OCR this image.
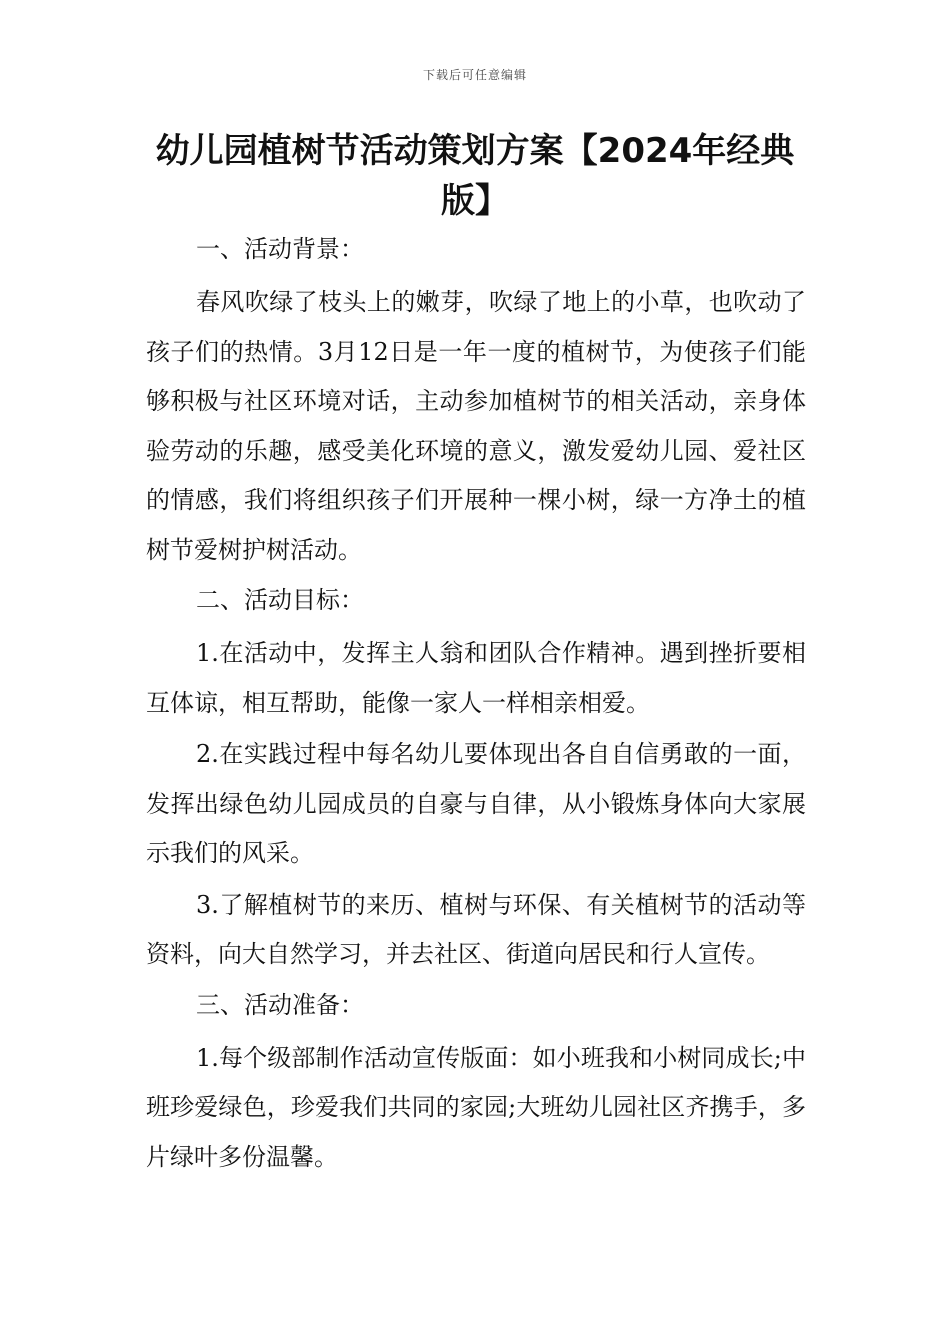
下载后可任意编辑
幼儿园植树节活动策划方案【2024年经典版】

一、活动背景：

春风吹绿了枝头上的嫩芽，吹绿了地上的小草，也吹动了孩子们的热情。3月12日是一年一度的植树节，为使孩子们能够积极与社区环境对话，主动参加植树节的相关活动，亲身体验劳动的乐趣，感受美化环境的意义，激发爱幼儿园、爱社区的情感，我们将组织孩子们开展种一棵小树，绿一方净土的植树节爱树护树活动。

二、活动目标：

1.在活动中，发挥主人翁和团队合作精神。遇到挫折要相互体谅，相互帮助，能像一家人一样相亲相爱。

2.在实践过程中每名幼儿要体现出各自自信勇敢的一面，发挥出绿色幼儿园成员的自豪与自律，从小锻炼身体向大家展示我们的风采。

3.了解植树节的来历、植树与环保、有关植树节的活动等资料，向大自然学习，并去社区、街道向居民和行人宣传。

三、活动准备：

1.每个级部制作活动宣传版面：如小班我和小树同成长;中班珍爱绿色，珍爱我们共同的家园;大班幼儿园社区齐携手，多片绿叶多份温馨。
